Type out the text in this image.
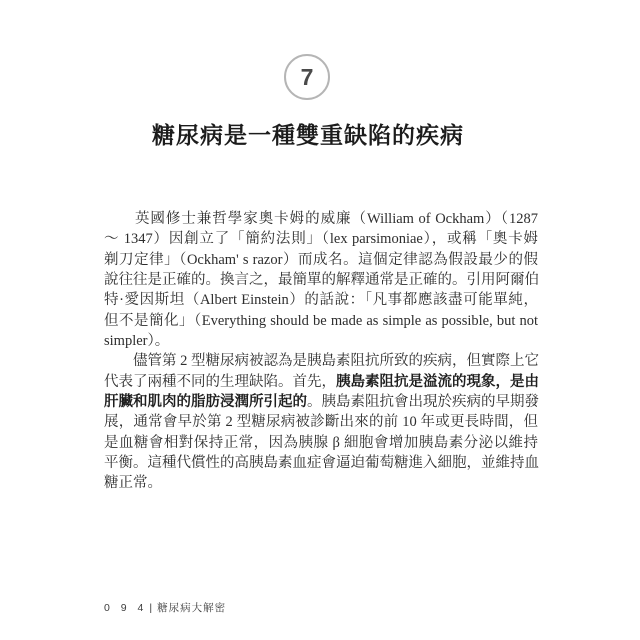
7
糖尿病是一種雙重缺陷的疾病
　　英國修士兼哲學家奧卡姆的威廉（William of Ockham）（1287
～ 1347）因創立了「簡約法則」（lex parsimoniae），或稱「奧卡姆
剃刀定律」（Ockham' s razor）而成名。這個定律認為假設最少的假
說往往是正確的。換言之，最簡單的解釋通常是正確的。引用阿爾伯
特·愛因斯坦（Albert Einstein）的話說：「凡事都應該盡可能單純，
但不是簡化」（Everything should be made as simple as possible, but not
simpler）。
　　儘管第 2 型糖尿病被認為是胰島素阻抗所致的疾病，但實際上它
代表了兩種不同的生理缺陷。首先，胰島素阻抗是溢流的現象，是由
肝臟和肌肉的脂肪浸潤所引起的。胰島素阻抗會出現於疾病的早期發
展，通常會早於第 2 型糖尿病被診斷出來的前 10 年或更長時間，但
是血糖會相對保持正常，因為胰腺 β 細胞會增加胰島素分泌以維持
平衡。這種代償性的高胰島素血症會逼迫葡萄糖進入細胞，並維持血
糖正常。
0 9 4 | 糖尿病大解密
